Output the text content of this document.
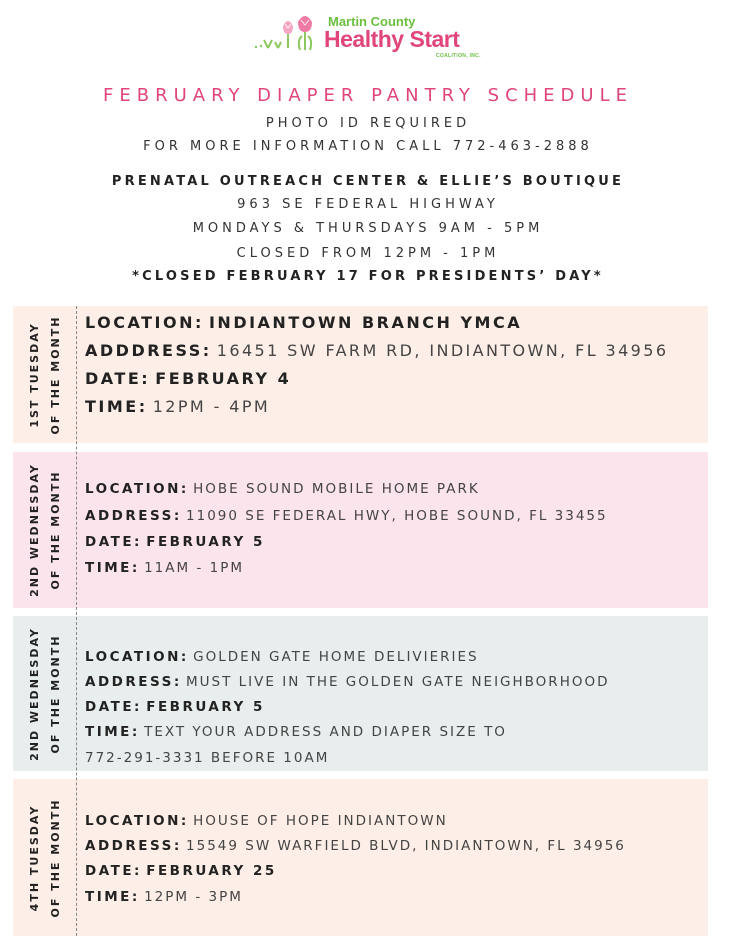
Martin County
Healthy Start
COALITION, INC.
FEBRUARY DIAPER PANTRY SCHEDULE
PHOTO ID REQUIRED
FOR MORE INFORMATION CALL 772-463-2888
PRENATAL OUTREACH CENTER & ELLIE’S BOUTIQUE
963 SE FEDERAL HIGHWAY
MONDAYS & THURSDAYS 9AM - 5PM
CLOSED FROM 12PM - 1PM
*CLOSED FEBRUARY 17 FOR PRESIDENTS’ DAY*
1ST TUESDAY OF THE MONTH LOCATION: INDIANTOWN BRANCH YMCA
ADDDRESS: 16451 SW FARM RD, INDIANTOWN, FL 34956
DATE: FEBRUARY 4
TIME: 12PM - 4PM
2ND WEDNESDAY OF THE MONTH LOCATION: HOBE SOUND MOBILE HOME PARK
ADDRESS: 11090 SE FEDERAL HWY, HOBE SOUND, FL 33455
DATE: FEBRUARY 5
TIME: 11AM - 1PM
2ND WEDNESDAY OF THE MONTH LOCATION: GOLDEN GATE HOME DELIVIERIES
ADDRESS: MUST LIVE IN THE GOLDEN GATE NEIGHBORHOOD
DATE: FEBRUARY 5
TIME: TEXT YOUR ADDRESS AND DIAPER SIZE TO
772-291-3331 BEFORE 10AM
4TH TUESDAY OF THE MONTH LOCATION: HOUSE OF HOPE INDIANTOWN
ADDRESS: 15549 SW WARFIELD BLVD, INDIANTOWN, FL 34956
DATE: FEBRUARY 25
TIME: 12PM - 3PM
